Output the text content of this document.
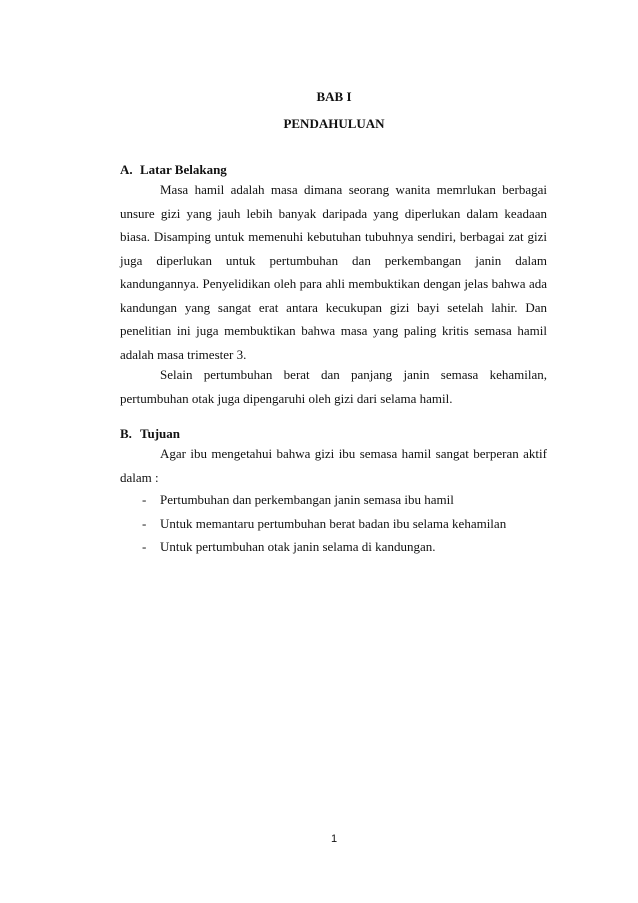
BAB I

PENDAHULUAN

A. Latar Belakang

Masa hamil adalah masa dimana seorang wanita memrlukan berbagai unsure gizi yang jauh lebih banyak daripada yang diperlukan dalam keadaan biasa. Disamping untuk memenuhi kebutuhan tubuhnya sendiri, berbagai zat gizi juga diperlukan untuk pertumbuhan dan perkembangan janin dalam kandungannya. Penyelidikan oleh para ahli membuktikan dengan jelas bahwa ada kandungan yang sangat erat antara kecukupan gizi bayi setelah lahir. Dan penelitian ini juga membuktikan bahwa masa yang paling kritis semasa hamil adalah masa trimester 3.

Selain pertumbuhan berat dan panjang janin semasa kehamilan, pertumbuhan otak juga dipengaruhi oleh gizi dari selama hamil.

B. Tujuan

Agar ibu mengetahui bahwa gizi ibu semasa hamil sangat berperan aktif dalam :

- Pertumbuhan dan perkembangan janin semasa ibu hamil
- Untuk memantaru pertumbuhan berat badan ibu selama kehamilan
- Untuk pertumbuhan otak janin selama di kandungan.

1
